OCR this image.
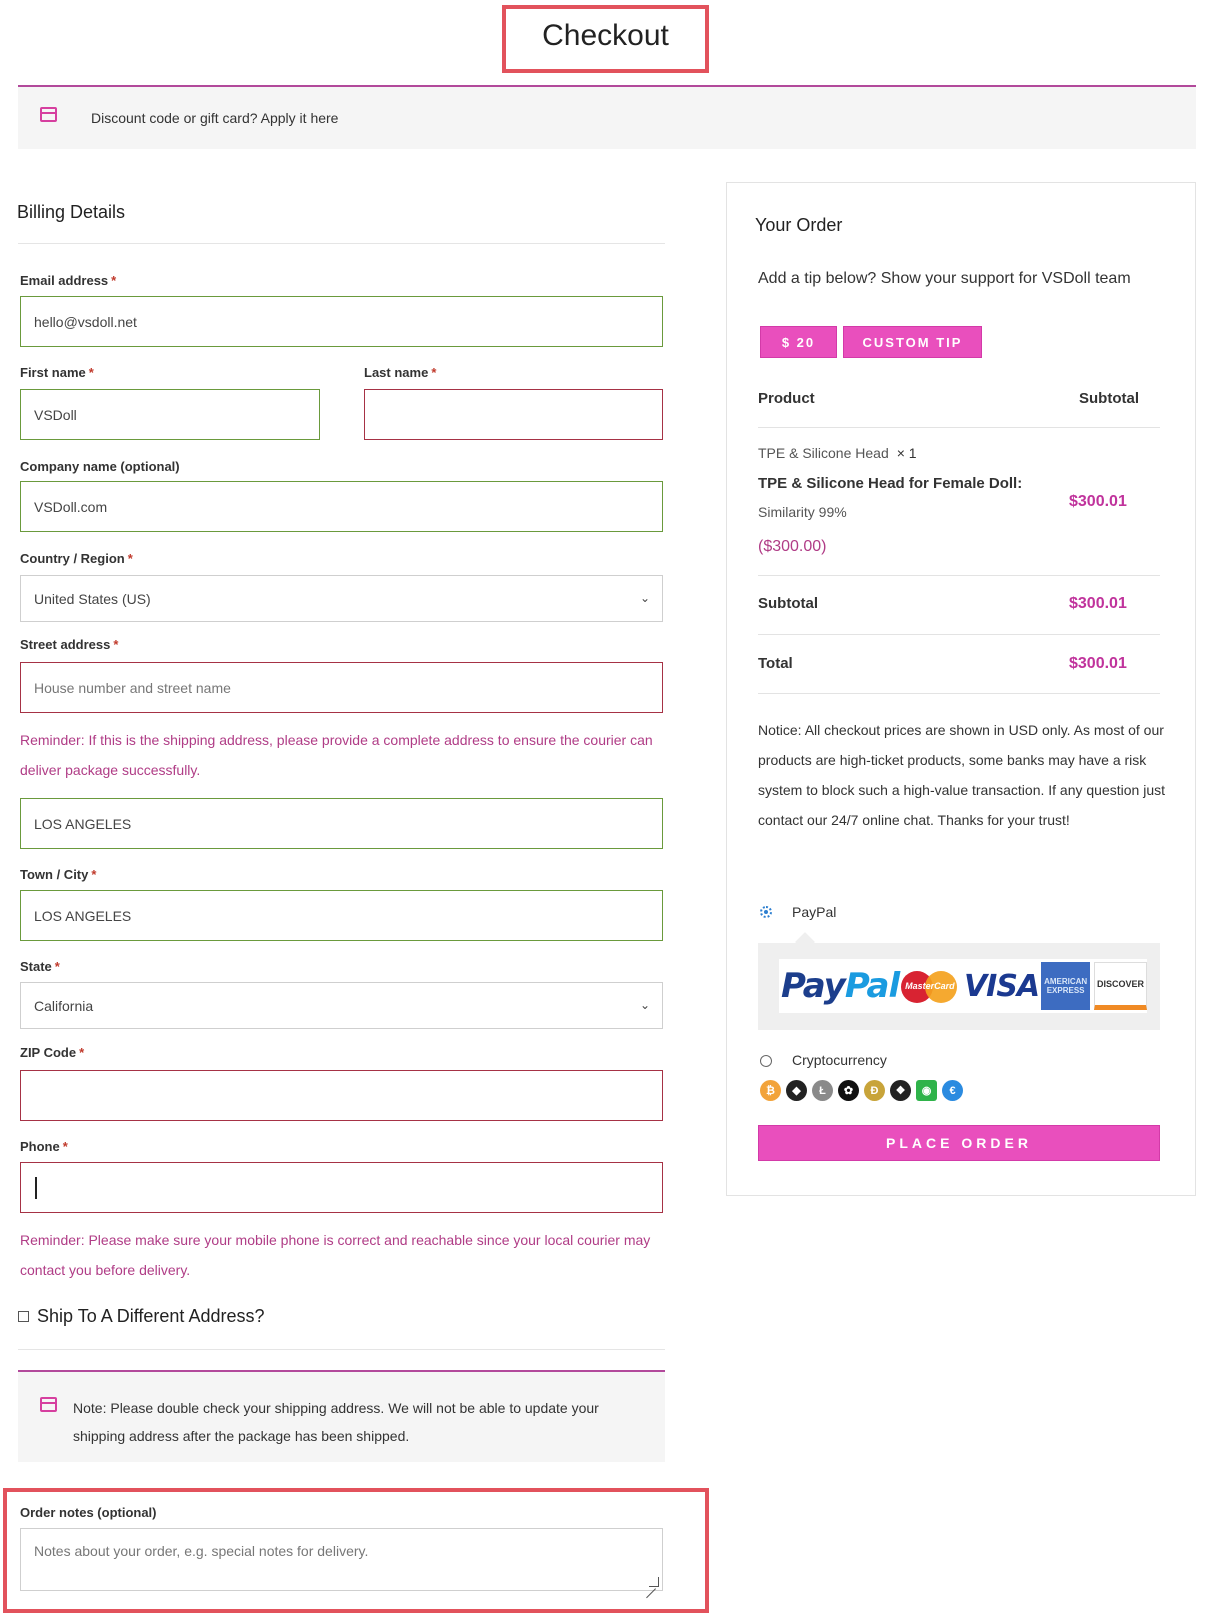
Checkout
Discount code or gift card? Apply it here
Billing Details
Email address *
hello@vsdoll.net
First name *
VSDoll
Last name *
Company name (optional)
VSDoll.com
Country / Region *
United States (US)	⌄
Street address *
House number and street name
Reminder: If this is the shipping address, please provide a complete address to ensure the courier can deliver package successfully.
LOS ANGELES
Town / City *
LOS ANGELES
State *
California	⌄
ZIP Code *
Phone *
Reminder: Please make sure your mobile phone is correct and reachable since your local courier may contact you before delivery.
Ship To A Different Address?
Note: Please double check your shipping address. We will not be able to update your shipping address after the package has been shipped.
Order notes (optional)
Notes about your order, e.g. special notes for delivery.
Your Order
Add a tip below? Show your support for VSDoll team
$ 20	CUSTOM TIP
Product	Subtotal
TPE & Silicone Head × 1
TPE & Silicone Head for Female Doll:
Similarity 99%
($300.00)
$300.01
Subtotal	$300.01
Total	$300.01
Notice: All checkout prices are shown in USD only. As most of our products are high-ticket products, some banks may have a risk system to block such a high-value transaction. If any question just contact our 24/7 online chat. Thanks for your trust!
PayPal
PayPal MasterCard VISA AMERICAN EXPRESS
DISCOVER
Cryptocurrency
₿	◆	Ł	✿	Ð	❖	◉	€
PLACE ORDER
